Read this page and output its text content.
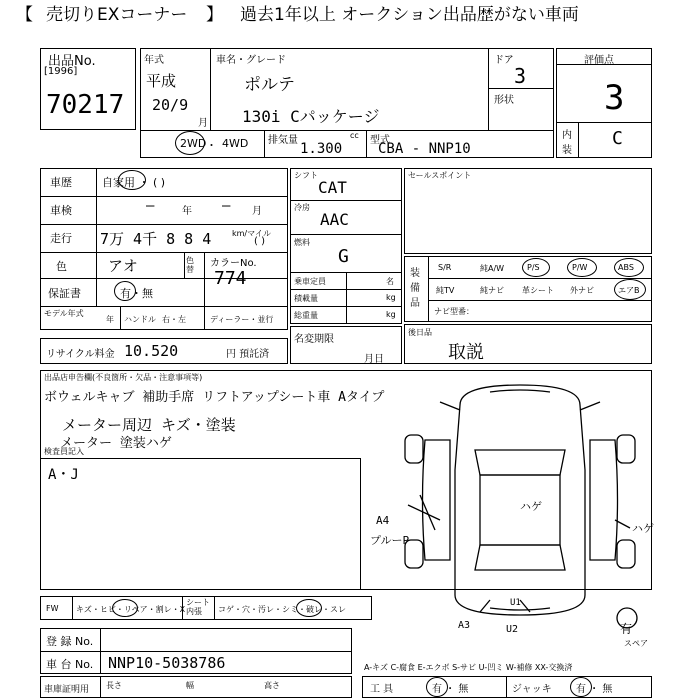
【 売切りEXコーナー 】 過去1年以上 オークション出品歴がない車両
出品No.
[1996]
70217
年式
平成
20/9
月
車名・グレード
ポルテ
130i Cパッケージ
ドア
3
形状
2WD ・ 4WD 排気量	cc
1.300
型式
CBA - NNP10
評価点
3
内
装
C
車歴	自家用 ・ ( )
車検	—	年 — 月
走行 7万 4千 8 8 4	km/マイル
( )
色	アオ	色替
カラーNo.
774
保証書	有・無
モデル年式
年 ハンドル 右・左	ディーラー・並行
リサイクル料金 10.520	円 預託済
シフト
CAT
冷房
AAC
燃料
G
乗車定員	名
積載量	kg
総重量	kg
名変期限
月日
セールスポイント
装備品
S/R	純A/W	P/S	P/W	ABS
純TV	純ナビ 革シート 外ナビ	エアB
ナビ型番：
後日品
取説
出品店申告欄(不良箇所・欠品・注意事項等)
ボウェルキャブ 補助手席 リフトアップシート車 Aタイプ
メーター周辺 キズ・塗装
メーター 塗装ハゲ
検査員記入
A・J
ハゲ
A4
プルーP
ハゲ
U1
A3	U2	有
スペア
FW キズ・ヒビ・リペア・割レ・X
シート内張	コゲ・穴・汚レ・シミ・破レ・スレ
登 録 No.
車 台 No. NNP10-5038786	A-キズ C-腐食 E-エクボ S-サビ U-凹ミ W-補修 XX-交換済
車庫証明用 長さ	幅	高さ	工 具	有 ・ 無	ジャッキ 有 ・ 無
